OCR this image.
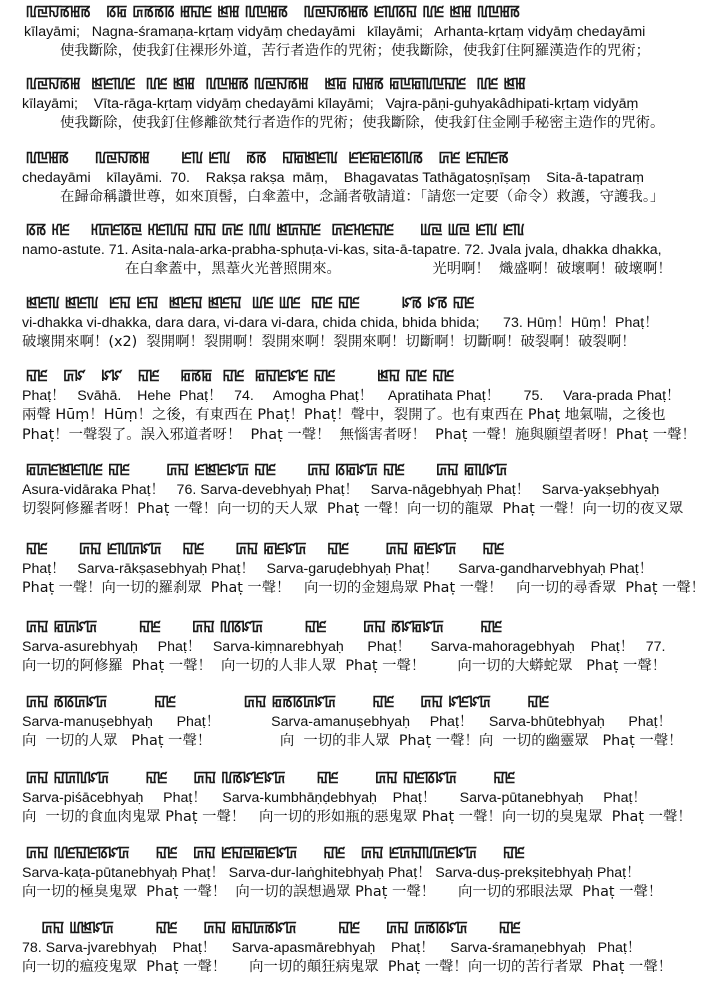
ꡃꡙꡍꡏꡅꡏ   ꡋꡂ ꡚꡏꡏꡋ ꡅꡎꡈ ꡓꡅ ꡃꡖꡅꡏ   ꡃꡙꡍꡏꡅꡏ ꡈꡃꡋꡎ ꡃꡈ ꡓꡅ ꡃꡖꡅꡏ
kīlayāmi;   Nagna-śramaṇa-kṛtaṃ vidyāṃ chedayāmi   kīlayāmi;   Arhanta-kṛtaṃ vidyāṃ chedayāmi
使我斷除，使我釘住裸形外道，苦行者造作的咒術；使我斷除，使我釘住阿羅漢造作的咒術；
ꡃꡙꡍꡏꡅ  ꡓꡈꡃꡈ  ꡃꡈ ꡓꡅ  ꡃꡖꡅꡏ ꡃꡙꡍꡏꡅ   ꡓꡂ ꡎꡅꡏ ꡂꡖꡂꡃꡖꡎꡈ  ꡃꡈ ꡓꡅ
kīlayāmi;    Vīta-rāga-kṛtaṃ vidyāṃ chedayāmi kīlayāmi;   Vajra-pāṇi-guhyakâdhipati-kṛtaṃ vidyāṃ
使我斷除，使我釘住修離欲梵行者造作的咒術；使我斷除，使我釘住金剛手秘密主造作的咒術。
ꡃꡖꡅꡏ     ꡃꡙꡍꡏꡅ      ꡈꡃ ꡈꡃ   ꡏꡏ   ꡎꡂꡓꡈꡃ  ꡈꡈꡂꡈꡋꡃꡏ   ꡚꡈ ꡈꡎꡈꡏ
chedayāmi    kīlayāmi.  70.    Rakṣa rakṣa  māṃ,    Bhagavatas Tathāgatoṣṇīṣaṃ    Sita-ā-tapatraṃ
在歸命稱讚世尊，如來頂髻，白傘蓋中，念誦者敬請道：「請您一定要（命令）救護，守護我。」
ꡋꡏ ꡘꡈ    ꡘꡚꡈꡋꡙ ꡘꡈꡃꡎ ꡎꡎ ꡚꡈ ꡃꡃ ꡓꡚꡎꡈ  ꡚꡈꡘꡈꡎꡈ     ꡆꡙ ꡆꡙ ꡈꡃ ꡈꡃ
namo-astute. 71. Asita-nala-arka-prabha-sphuṭa-vi-kas, sita-ā-tapatre. 72. Jvala jvala, dhakka dhakka,
在白傘蓋中，黑葦火光普照開來。                    光明啊！  熾盛啊！破壞啊！破壞啊！
ꡓꡈꡃ ꡓꡈꡃ  ꡈꡎ ꡈꡎ  ꡓꡈꡎ ꡓꡈꡎ  ꡆꡈ ꡆꡈ  ꡎꡈ ꡎꡈ        ꡜꡏ ꡜꡏ ꡎꡈ
vi-dhakka vi-dhakka, dara dara, vi-dara vi-dara, chida chida, bhida bhida;      73. Hūṃ！Hūṃ！Phaṭ！
破壞開來啊！(x2)  裂開啊！裂開啊！裂開來啊！裂開來啊！切斷啊！切斷啊！破裂啊！破裂啊！
ꡎꡈ   ꡚꡜ   ꡜꡜ   ꡎꡈ    ꡂꡏꡂ  ꡎꡈ  ꡂꡎꡈꡜꡈ ꡎꡈ        ꡓꡎ ꡎꡈ ꡎꡈ
Phaṭ！   Svāhā.    Hehe  Phaṭ！   74.     Amogha Phaṭ！    Apratihata Phaṭ！      75.     Vara-prada Phaṭ！
兩聲 Hūṃ！Hūṃ！之後，有東西在 Phaṭ！Phaṭ！聲中，裂開了。也有東西在 Phaṭ 地氣喘，之後也
Phaṭ！一聲裂了。誤入邪道者呀！  Phaṭ 一聲！  無惱害者呀！  Phaṭ 一聲！施與願望者呀！Phaṭ 一聲！
ꡂꡚꡈꡓꡈꡃꡈ ꡎꡈ       ꡚꡎ ꡈꡓꡈꡜꡚ ꡎꡈ      ꡚꡎ ꡋꡂꡜꡚ ꡎꡈ      ꡚꡎ ꡂꡃꡜꡚ
Asura-vidāraka Phaṭ！   76. Sarva-devebhyaḥ Phaṭ！   Sarva-nāgebhyaḥ Phaṭ！   Sarva-yakṣebhyaḥ
切裂阿修羅者呀！Phaṭ 一聲！向一切的天人眾  Phaṭ 一聲！向一切的龍眾  Phaṭ 一聲！向一切的夜叉眾
ꡎꡈ      ꡚꡎ ꡈꡃꡚꡜꡚ    ꡎꡈ      ꡚꡎ ꡂꡈꡜꡚ    ꡎꡈ       ꡚꡎ ꡂꡈꡜꡚ     ꡎꡈ
Phaṭ！   Sarva-rākṣasebhyaḥ Phaṭ！   Sarva-garuḍebhyaḥ Phaṭ！     Sarva-gandharvebhyaḥ Phaṭ！
Phaṭ 一聲！向一切的羅刹眾  Phaṭ 一聲！   向一切的金翅鳥眾 Phaṭ 一聲！   向一切的尋香眾  Phaṭ 一聲！
ꡚꡎ ꡂꡚꡜꡚ        ꡎꡈ      ꡚꡎ ꡃꡋꡜꡚ        ꡎꡈ       ꡚꡎ ꡏꡜꡂꡜꡚ       ꡎꡈ
Sarva-asurebhyaḥ     Phaṭ！   Sarva-kiṃnarebhyaḥ      Phaṭ！     Sarva-mahoragebhyaḥ    Phaṭ！   77.
向一切的阿修羅  Phaṭ 一聲！  向一切的人非人眾  Phaṭ 一聲！       向一切的大蟒蛇眾   Phaṭ 一聲！
ꡚꡎ ꡏꡋꡚꡜꡚ         ꡎꡈ             ꡚꡎ ꡂꡏꡋꡚꡜꡚ       ꡎꡈ     ꡚꡎ ꡜꡈꡜꡚ       ꡎꡈ
Sarva-manuṣebhyaḥ      Phaṭ！             Sarva-amanuṣebhyaḥ     Phaṭ！    Sarva-bhūtebhyaḥ      Phaṭ！
向  一切的人眾   Phaṭ 一聲！               向  一切的非人眾  Phaṭ 一聲！向  一切的幽靈眾   Phaṭ 一聲！
ꡚꡎ ꡎꡚꡃꡜꡚ       ꡎꡈ     ꡚꡎ ꡃꡏꡜꡈꡜꡚ      ꡎꡈ       ꡚꡎ ꡎꡈꡋꡜꡚ       ꡎꡈ
Sarva-piśācebhyaḥ     Phaṭ！    Sarva-kumbhāṇḍebhyaḥ    Phaṭ！      Sarva-pūtanebhyaḥ     Phaṭ！
向  一切的食血肉鬼眾 Phaṭ 一聲！   向一切的形如瓶的惡鬼眾 Phaṭ 一聲！向一切的臭鬼眾  Phaṭ 一聲！
ꡚꡎ ꡃꡈꡎꡈꡋꡜꡚ     ꡎꡈ   ꡚꡎ ꡈꡎꡙꡂꡈꡜꡚ     ꡎꡈ   ꡚꡎ ꡈꡚꡎꡃꡚꡈꡜꡚ     ꡎꡈ
Sarva-kaṭa-pūtanebhyaḥ Phaṭ！ Sarva-dur-laṅghitebhyaḥ Phaṭ！ Sarva-duṣ-prekṣitebhyaḥ Phaṭ！
向一切的極臭鬼眾  Phaṭ 一聲！  向一切的誤想過眾 Phaṭ 一聲！     向一切的邪眼法眾  Phaṭ 一聲！
ꡚꡎ ꡆꡓꡜꡚ        ꡎꡈ     ꡚꡎ ꡂꡎꡚꡏꡜꡚ        ꡎꡈ     ꡚꡎ ꡚꡏꡋꡜꡚ      ꡎꡈ
78. Sarva-jvarebhyaḥ    Phaṭ！    Sarva-apasmārebhyaḥ    Phaṭ！    Sarva-śramaṇebhyaḥ   Phaṭ！
向一切的瘟疫鬼眾  Phaṭ 一聲！     向一切的顛狂病鬼眾  Phaṭ 一聲！向一切的苦行者眾  Phaṭ 一聲！
